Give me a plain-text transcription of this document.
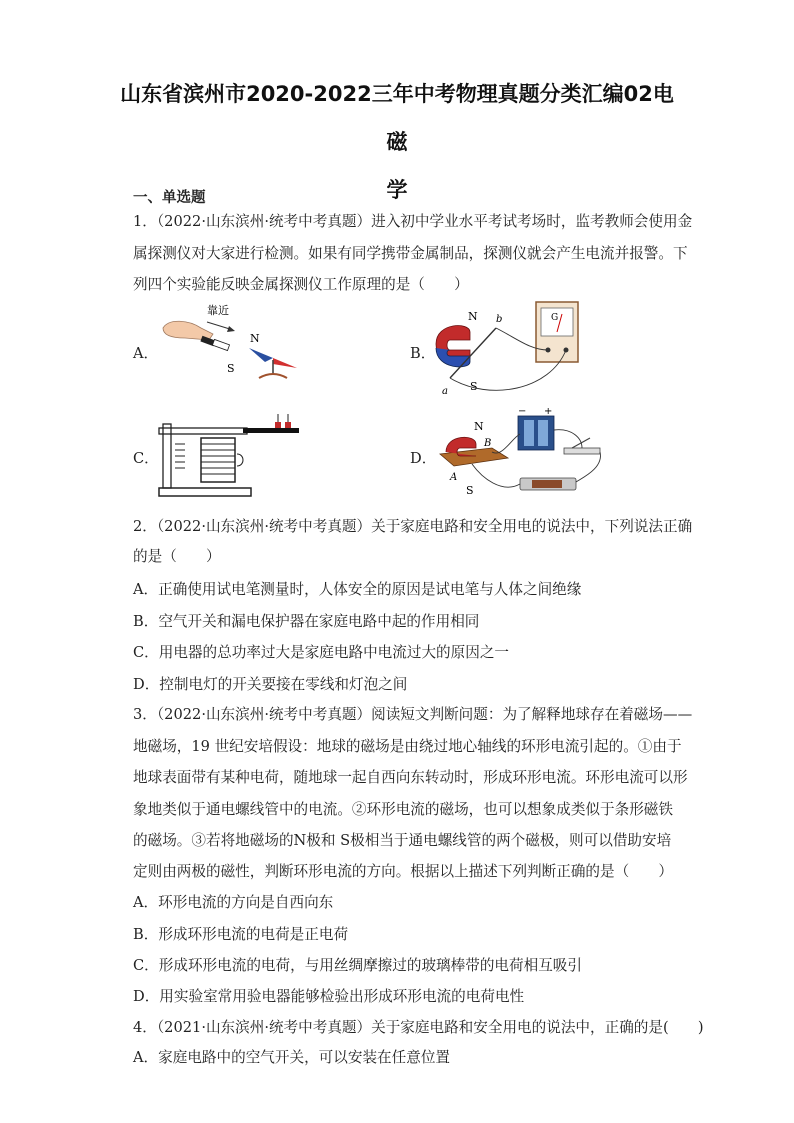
山东省滨州市2020-2022三年中考物理真题分类汇编02电磁
学
一、单选题
1．（2022·山东滨州·统考中考真题）进入初中学业水平考试考场时，监考教师会使用金
属探测仪对大家进行检测。如果有同学携带金属制品，探测仪就会产生电流并报警。下
列四个实验能反映金属探测仪工作原理的是（　　）
A．	B．
C．	D．
靠近
S
N
G
N
S
a
b
N
S
B
A
− +
2．（2022·山东滨州·统考中考真题）关于家庭电路和安全用电的说法中，下列说法正确
的是（　　）
A．正确使用试电笔测量时，人体安全的原因是试电笔与人体之间绝缘
B．空气开关和漏电保护器在家庭电路中起的作用相同
C．用电器的总功率过大是家庭电路中电流过大的原因之一
D．控制电灯的开关要接在零线和灯泡之间
3．（2022·山东滨州·统考中考真题）阅读短文判断问题：为了解释地球存在着磁场——
地磁场，19 世纪安培假设：地球的磁场是由绕过地心轴线的环形电流引起的。①由于
地球表面带有某种电荷，随地球一起自西向东转动时，形成环形电流。环形电流可以形
象地类似于通电螺线管中的电流。②环形电流的磁场，也可以想象成类似于条形磁铁
的磁场。③若将地磁场的N极和 S极相当于通电螺线管的两个磁极，则可以借助安培
定则由两极的磁性，判断环形电流的方向。根据以上描述下列判断正确的是（　　）
A．环形电流的方向是自西向东
B．形成环形电流的电荷是正电荷
C．形成环形电流的电荷，与用丝绸摩擦过的玻璃棒带的电荷相互吸引
D．用实验室常用验电器能够检验出形成环形电流的电荷电性
4．（2021·山东滨州·统考中考真题）关于家庭电路和安全用电的说法中，正确的是(　　)
A．家庭电路中的空气开关，可以安装在任意位置
